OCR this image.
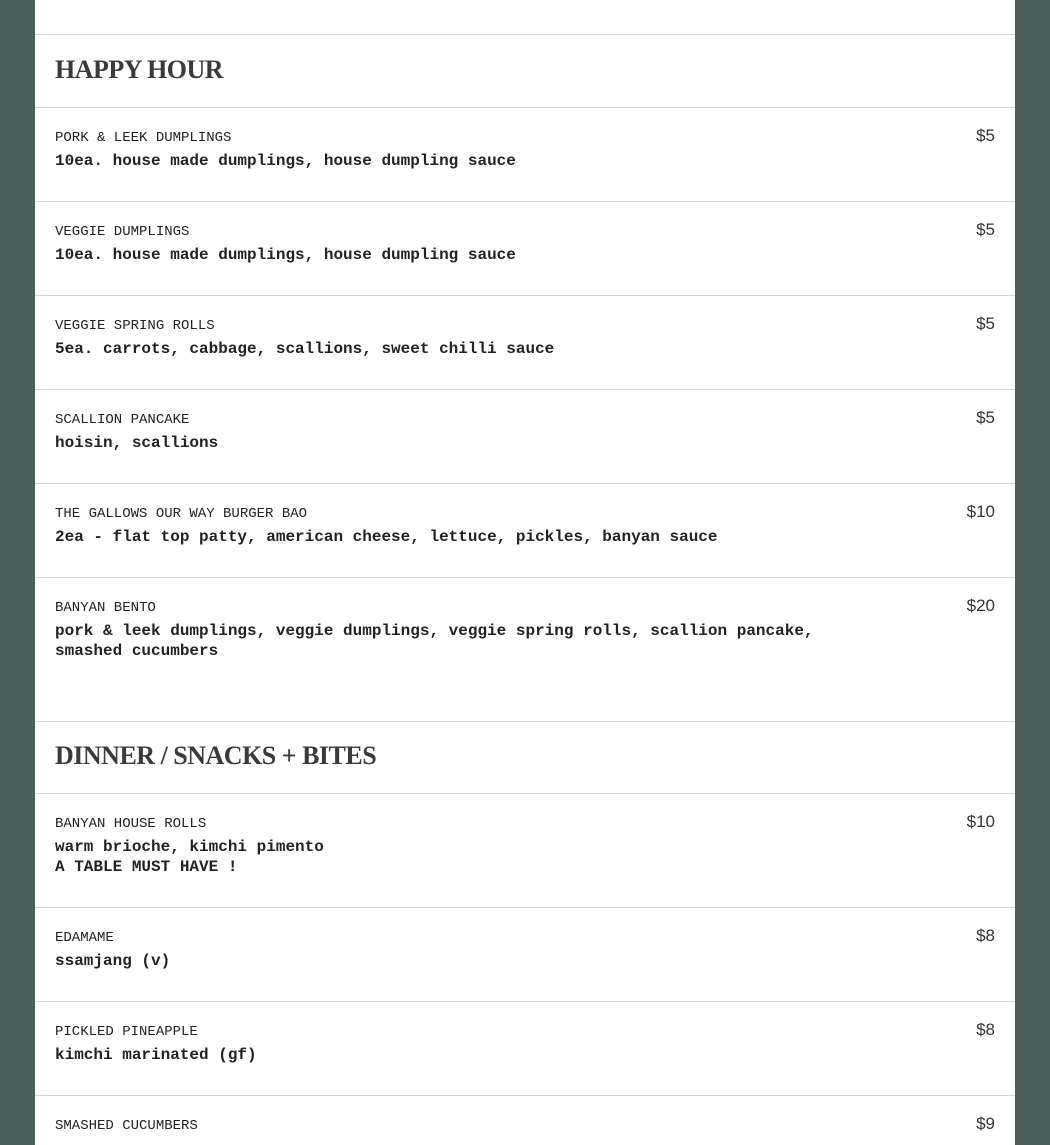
HAPPY HOUR
PORK & LEEK DUMPLINGS
10ea. house made dumplings, house dumpling sauce
$5
VEGGIE DUMPLINGS
10ea. house made dumplings, house dumpling sauce
$5
VEGGIE SPRING ROLLS
5ea. carrots, cabbage, scallions, sweet chilli sauce
$5
SCALLION PANCAKE
hoisin, scallions
$5
THE GALLOWS OUR WAY BURGER BAO
2ea - flat top patty, american cheese, lettuce, pickles, banyan sauce
$10
BANYAN BENTO
pork & leek dumplings, veggie dumplings, veggie spring rolls, scallion pancake, smashed cucumbers
$20
DINNER / SNACKS + BITES
BANYAN HOUSE ROLLS
warm brioche, kimchi pimento
A TABLE MUST HAVE !
$10
EDAMAME
ssamjang (v)
$8
PICKLED PINEAPPLE
kimchi marinated (gf)
$8
SMASHED CUCUMBERS	$9
